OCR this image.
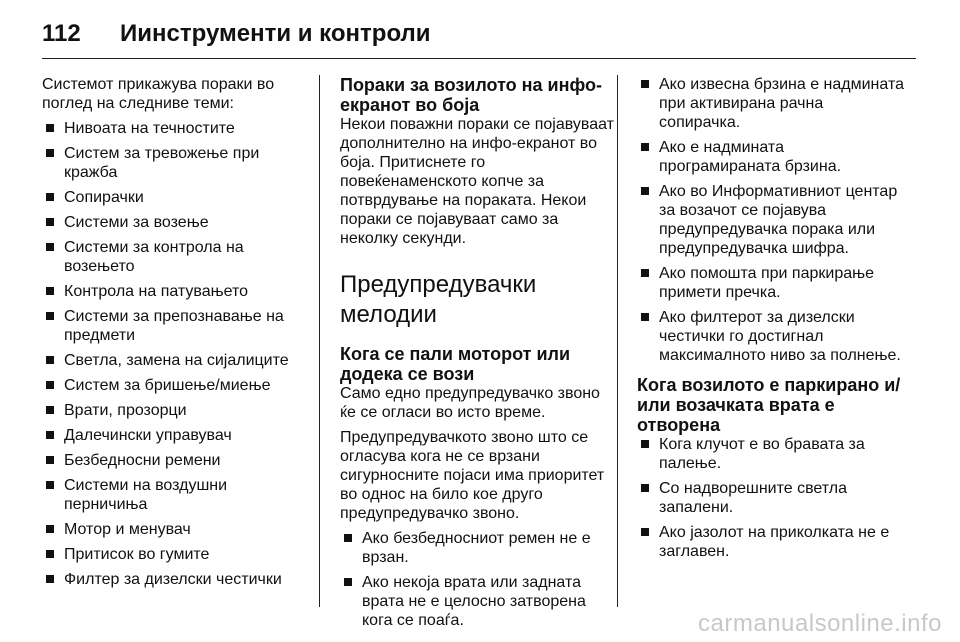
112	Иинструменти и контроли

Системот прикажува пораки во поглед на следниве теми:

Нивоата на течностите
Систем за тревожење при кражба
Сопирачки
Системи за возење
Системи за контрола на возењето
Контрола на патувањето
Системи за препознавање на предмети
Светла, замена на сијалиците
Систем за бришење/миење
Врати, прозорци
Далечински управувач
Безбедносни ремени
Системи на воздушни перничиња
Мотор и менувач
Притисок во гумите
Филтер за дизелски честички
Пораки за возилото на инфо-екранот во боја

Некои поважни пораки се појавуваат дополнително на инфо-екранот во боја. Притиснете го повеќенаменското копче за потврдување на пораката. Некои пораки се појавуваат само за неколку секунди.

Предупредувачки мелодии
Кога се пали моторот или додека се вози

Само едно предупредувачко звоно ќе се огласи во исто време.

Предупредувачкото звоно што се огласува кога не се врзани сигурносните појаси има приоритет во однос на било кое друго предупредувачко звоно.

Ако безбедносниот ремен не е врзан.
Ако некоја врата или задната врата не е целосно затворена кога се поаѓа.
Ако извесна брзина е надмината при активирана рачна сопирачка.
Ако е надмината програмираната брзина.
Ако во Информативниот центар за возачот се појавува предупредувачка порака или предупредувачка шифра.
Ако помошта при паркирање примети пречка.
Ако филтерот за дизелски честички го достигнал максималното ниво за полнење.
Кога возилото е паркирано и/или возачката врата е отворена
Кога клучот е во бравата за палење.
Со надворешните светла запалени.
Ако јазолот на приколката не е заглавен.
carmanualsonline.info
